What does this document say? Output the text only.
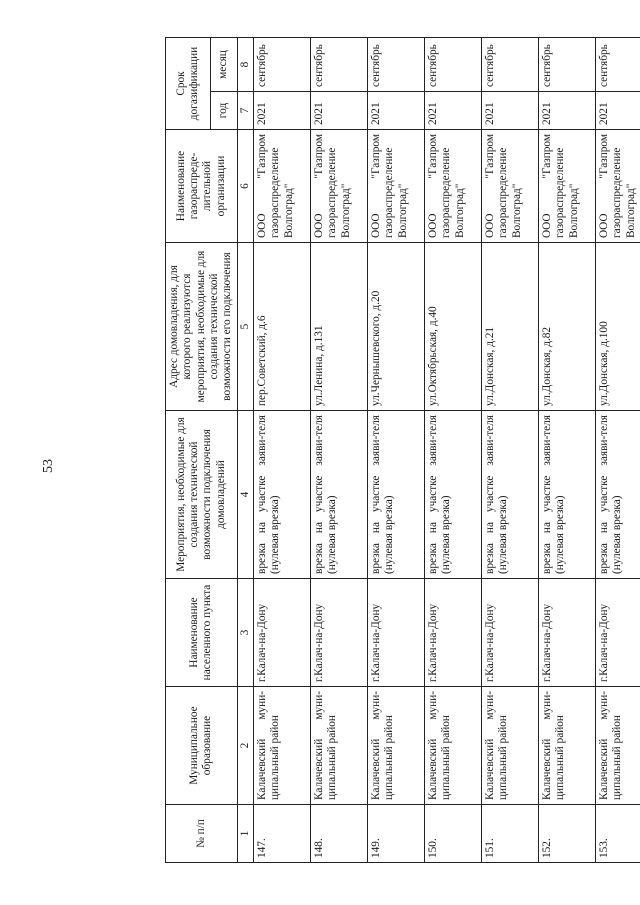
53
№ п/п	Муниципальное образование	Наименование населенного пункта	Мероприятия, необходимые для создания технической возможности подключения домовладений	Адрес домовладения, для которого реализуются мероприятия, необходимые для создания технической возможности его подключения	Наименование газораспреде-лительной организации	Срок догазификации	
						год	месяц
1	2	3	4	5	6	7	8
147.	Калачевский муни-ципальный район	г.Калач-на-Дону	врезка на участке заяви-теля (нулевая врезка)	пер.Советский, д.6	ООО "Газпром газораспределение Волгоград"	2021	сентябрь
148.	Калачевский муни-ципальный район	г.Калач-на-Дону	врезка на участке заяви-теля (нулевая врезка)	ул.Ленина, д.131	ООО "Газпром газораспределение Волгоград"	2021	сентябрь
149.	Калачевский муни-ципальный район	г.Калач-на-Дону	врезка на участке заяви-теля (нулевая врезка)	ул.Чернышевского, д.20	ООО "Газпром газораспределение Волгоград"	2021	сентябрь
150.	Калачевский муни-ципальный район	г.Калач-на-Дону	врезка на участке заяви-теля (нулевая врезка)	ул.Октябрьская, д.40	ООО "Газпром газораспределение Волгоград"	2021	сентябрь
151.	Калачевский муни-ципальный район	г.Калач-на-Дону	врезка на участке заяви-теля (нулевая врезка)	ул.Донская, д.21	ООО "Газпром газораспределение Волгоград"	2021	сентябрь
152.	Калачевский муни-ципальный район	г.Калач-на-Дону	врезка на участке заяви-теля (нулевая врезка)	ул.Донская, д.82	ООО "Газпром газораспределение Волгоград"	2021	сентябрь
153.	Калачевский муни-ципальный район	г.Калач-на-Дону	врезка на участке заяви-теля (нулевая врезка)	ул.Донская, д.100	ООО "Газпром газораспределение Волгоград"	2021	сентябрь
